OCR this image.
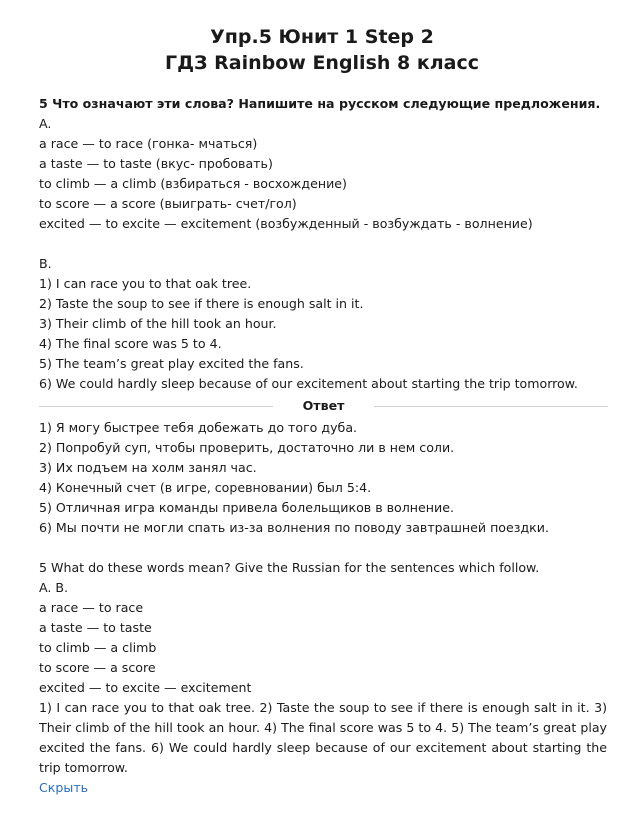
Упр.5 Юнит 1 Step 2
ГДЗ Rainbow English 8 класс

5 Что означают эти слова? Напишите на русском следующие предложения.

A.

a race — to race (гонка- мчаться)

a taste — to taste (вкус- пробовать)

to climb — a climb (взбираться - восхождение)

to score — a score (выиграть- счет/гол)

excited — to excite — excitement (возбужденный - возбуждать - волнение)

B.

1) I can race you to that oak tree.

2) Taste the soup to see if there is enough salt in it.

3) Their climb of the hill took an hour.

4) The final score was 5 to 4.

5) The team’s great play excited the fans.

6) We could hardly sleep because of our excitement about starting the trip tomorrow.

Ответ

1) Я могу быстрее тебя добежать до того дуба.

2) Попробуй суп, чтобы проверить, достаточно ли в нем соли.

3) Их подъем на холм занял час.

4) Конечный счет (в игре, соревновании) был 5:4.

5) Отличная игра команды привела болельщиков в волнение.

6) Мы почти не могли спать из-за волнения по поводу завтрашней поездки.

5 What do these words mean? Give the Russian for the sentences which follow.

A. B.

a race — to race

a taste — to taste

to climb — a climb

to score — a score

excited — to excite — excitement

1) I can race you to that oak tree. 2) Taste the soup to see if there is enough salt in it. 3) Their climb of the hill took an hour. 4) The final score was 5 to 4. 5) The team’s great play excited the fans. 6) We could hardly sleep because of our excitement about starting the trip tomorrow.

Скрыть
